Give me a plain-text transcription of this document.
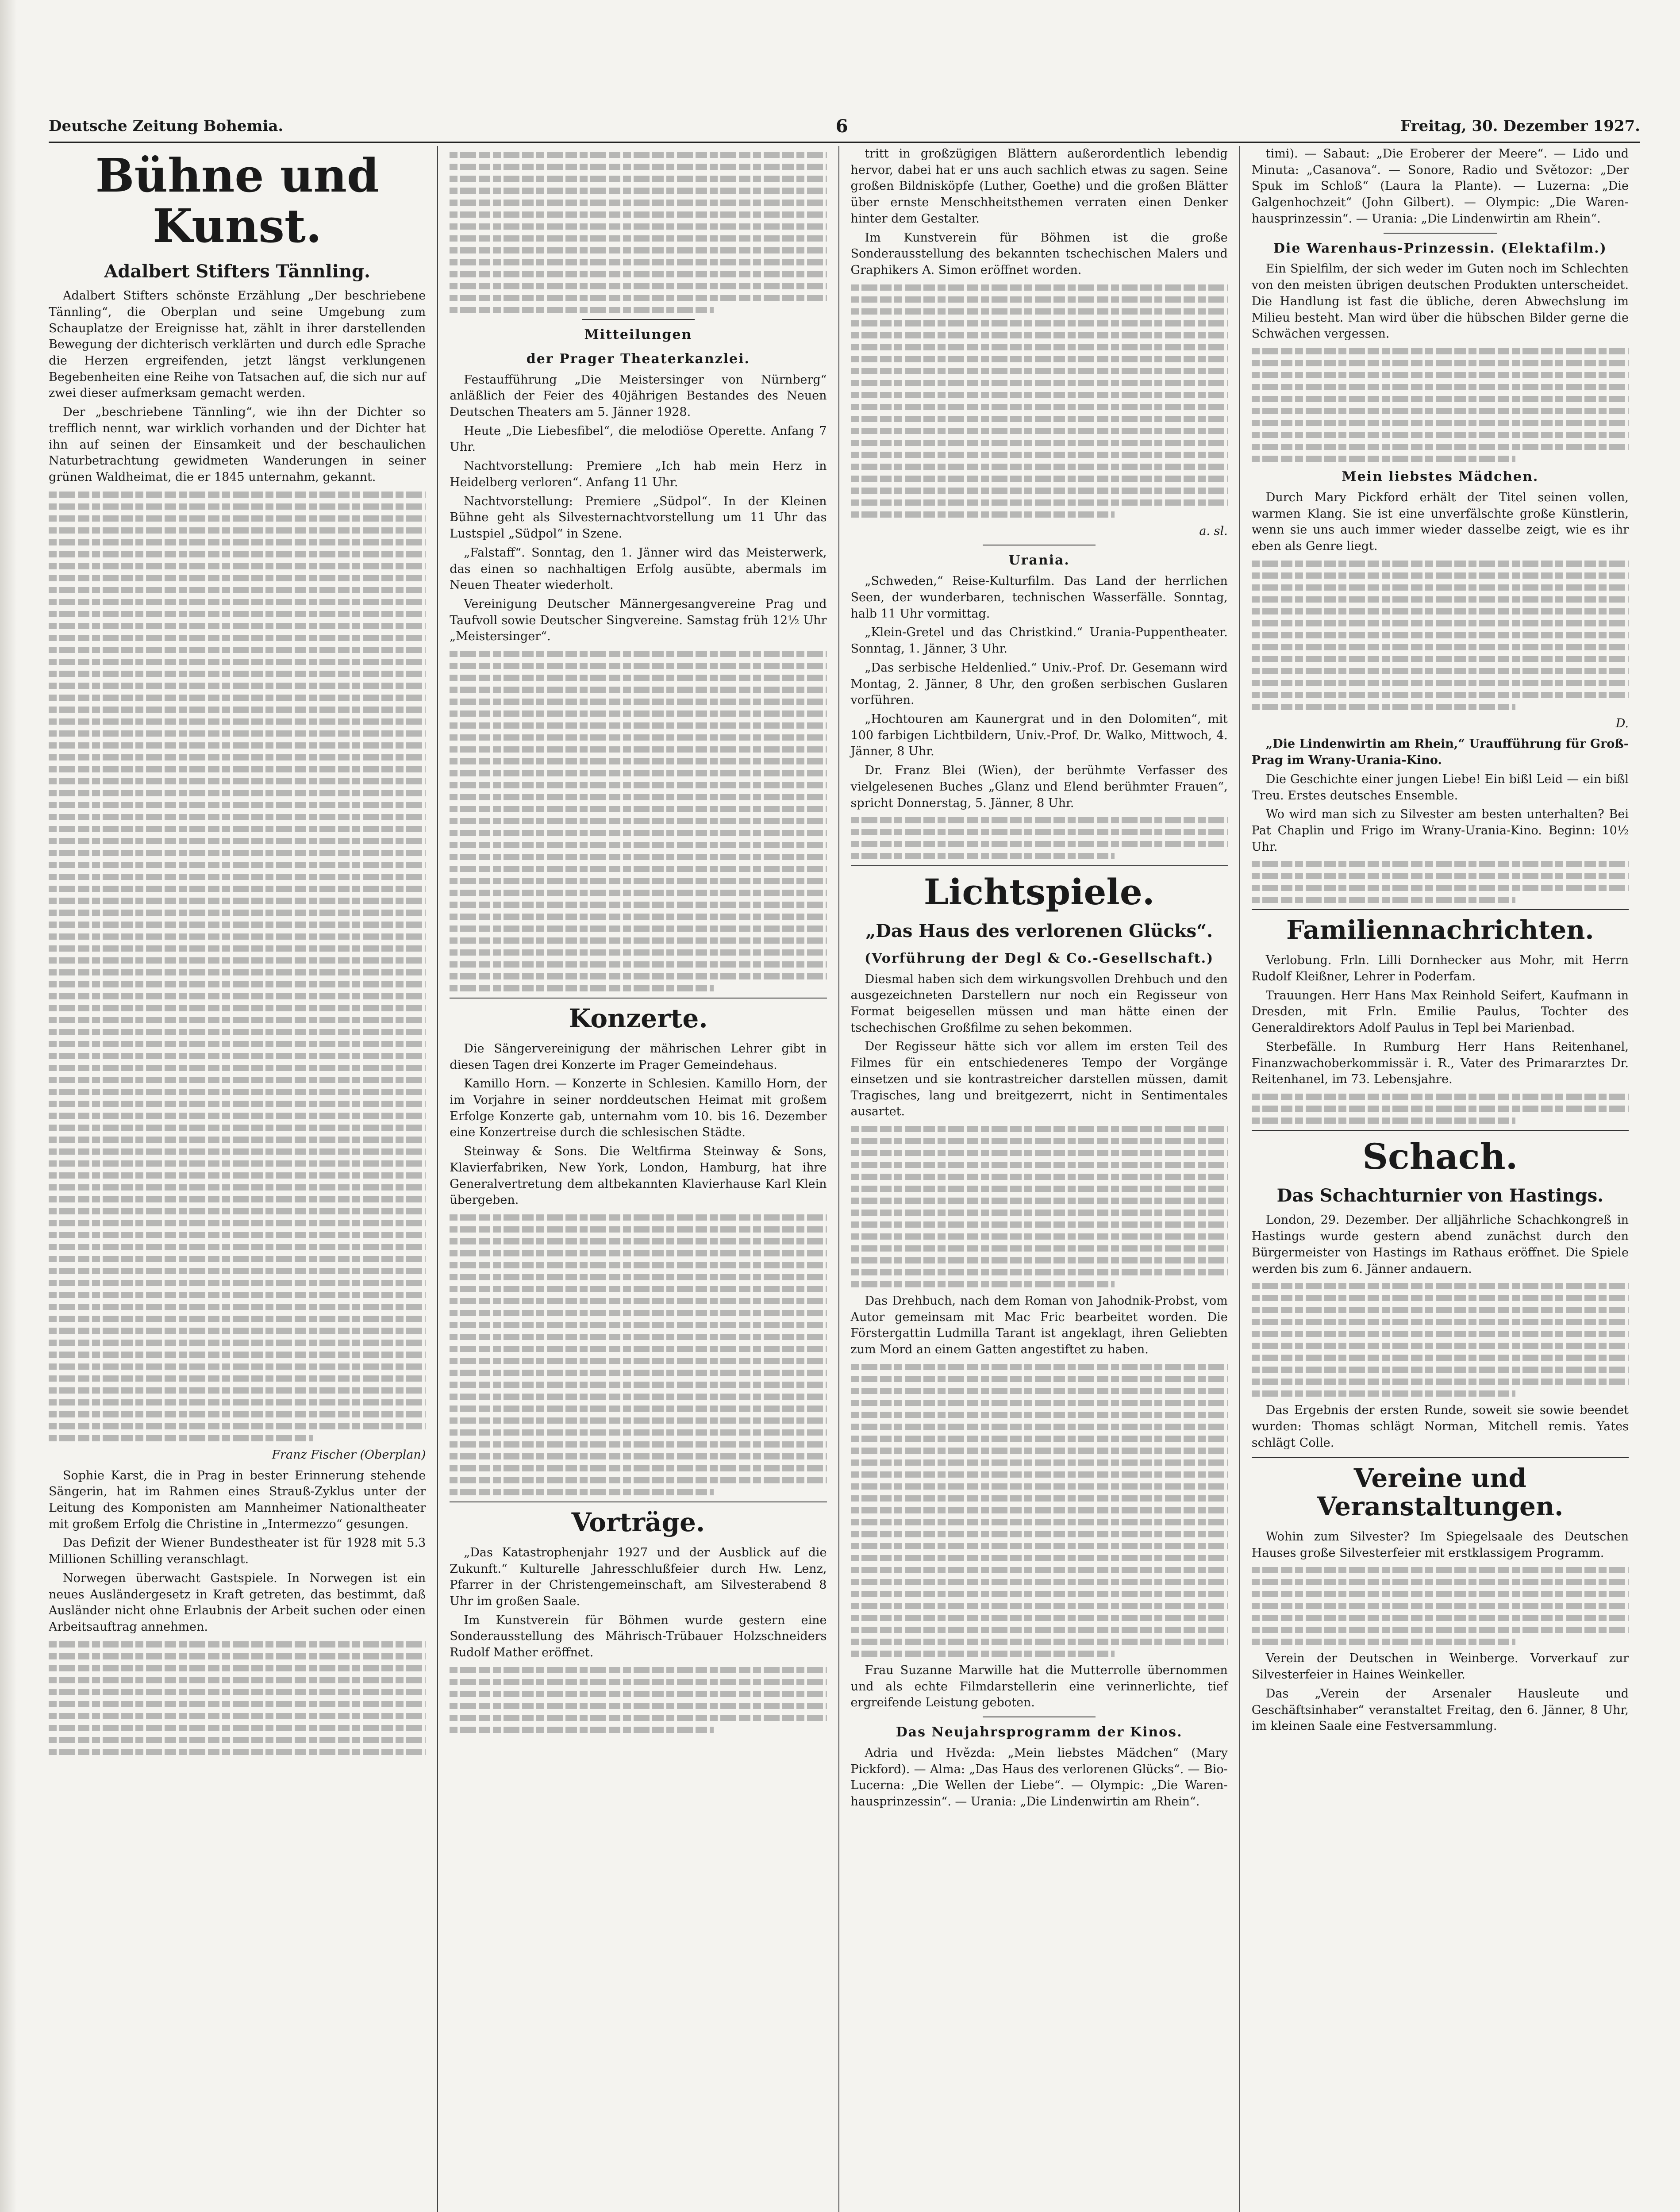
Deutsche Zeitung Bohemia.	6	Freitag, 30. Dezember 1927.
Bühne und Kunst.
Adalbert Stifters Tännling.

Adalbert Stifters schönste Erzählung „Der beschriebene Tännling“, die Oberplan und seine Umgebung zum Schauplatze der Ereignisse hat, zählt in ihrer darstellenden Bewegung der dichterisch verklärten und durch edle Sprache die Herzen ergreifenden, jetzt längst verklungenen Begebenheiten eine Reihe von Tatsachen auf, die sich nur auf zwei dieser aufmerksam gemacht werden.

Der „beschriebene Tännling“, wie ihn der Dichter so trefflich nennt, war wirklich vorhanden und der Dichter hat ihn auf seinen der Einsamkeit und der beschaulichen Naturbetrachtung gewidmeten Wanderungen in seiner grünen Waldheimat, die er 1845 unternahm, gekannt.

Franz Fischer (Oberplan)

Sophie Karst, die in Prag in bester Erinnerung stehende Sängerin, hat im Rahmen eines Strauß-Zyklus unter der Leitung des Komponisten am Mannheimer Nationaltheater mit großem Erfolg die Christine in „Intermezzo“ gesungen.

Das Defizit der Wiener Bundestheater ist für 1928 mit 5.3 Millionen Schilling veranschlagt.

Norwegen überwacht Gastspiele. In Norwegen ist ein neues Ausländergesetz in Kraft getreten, das bestimmt, daß Ausländer nicht ohne Erlaubnis der Arbeit suchen oder einen Arbeitsauftrag annehmen.

Mitteilungen
der Prager Theaterkanzlei.

Festaufführung „Die Meistersinger von Nürnberg“ anläßlich der Feier des 40jährigen Bestandes des Neuen Deutschen Theaters am 5. Jänner 1928.

Heute „Die Liebesfibel“, die melodiöse Operette. Anfang 7 Uhr.

Nachtvorstellung: Premiere „Ich hab mein Herz in Heidelberg verloren“. Anfang 11 Uhr.

Nachtvorstellung: Premiere „Südpol“. In der Kleinen Bühne geht als Silvesternachtvorstellung um 11 Uhr das Lustspiel „Südpol“ in Szene.

„Falstaff“. Sonntag, den 1. Jänner wird das Meisterwerk, das einen so nachhaltigen Erfolg ausübte, abermals im Neuen Theater wiederholt.

Vereinigung Deutscher Männergesangvereine Prag und Taufvoll sowie Deutscher Singvereine. Samstag früh 12½ Uhr „Meistersinger“.

Konzerte.

Die Sängervereinigung der mährischen Lehrer gibt in diesen Tagen drei Konzerte im Prager Gemeindehaus.

Kamillo Horn. — Konzerte in Schlesien. Kamillo Horn, der im Vorjahre in seiner norddeutschen Heimat mit großem Erfolge Konzerte gab, unternahm vom 10. bis 16. Dezember eine Konzertreise durch die schlesischen Städte.

Steinway & Sons. Die Weltfirma Steinway & Sons, Klavierfabriken, New York, London, Hamburg, hat ihre Generalvertretung dem altbekannten Klavierhause Karl Klein übergeben.

Vorträge.

„Das Katastrophenjahr 1927 und der Ausblick auf die Zukunft.“ Kulturelle Jahresschlußfeier durch Hw. Lenz, Pfarrer in der Christengemeinschaft, am Silvesterabend 8 Uhr im großen Saale.

Im Kunstverein für Böhmen wurde gestern eine Sonderausstellung des Mährisch-Trübauer Holzschneiders Rudolf Mather eröffnet.

tritt in großzügigen Blättern außerordentlich lebendig hervor, dabei hat er uns auch sachlich etwas zu sagen. Seine großen Bildnisköpfe (Luther, Goethe) und die großen Blätter über ernste Menschheitsthemen verraten einen Denker hinter dem Gestalter.

Im Kunstverein für Böhmen ist die große Sonderausstellung des bekannten tschechischen Malers und Graphikers A. Simon eröffnet worden.

a. sl.
Urania.

„Schweden,“ Reise-Kulturfilm. Das Land der herrlichen Seen, der wunderbaren, technischen Wasserfälle. Sonntag, halb 11 Uhr vormittag.

„Klein-Gretel und das Christkind.“ Urania-Puppentheater. Sonntag, 1. Jänner, 3 Uhr.

„Das serbische Heldenlied.“ Univ.-Prof. Dr. Gesemann wird Montag, 2. Jänner, 8 Uhr, den großen serbischen Guslaren vorführen.

„Hochtouren am Kaunergrat und in den Dolomiten“, mit 100 farbigen Lichtbildern, Univ.-Prof. Dr. Walko, Mittwoch, 4. Jänner, 8 Uhr.

Dr. Franz Blei (Wien), der berühmte Verfasser des vielgelesenen Buches „Glanz und Elend berühmter Frauen“, spricht Donnerstag, 5. Jänner, 8 Uhr.

Lichtspiele.
„Das Haus des verlorenen Glücks“.
(Vorführung der Degl & Co.-Gesellschaft.)

Diesmal haben sich dem wirkungsvollen Drehbuch und den ausgezeichneten Darstellern nur noch ein Regisseur von Format beigesellen müssen und man hätte einen der tschechischen Großfilme zu sehen bekommen.

Der Regisseur hätte sich vor allem im ersten Teil des Filmes für ein entschiedeneres Tempo der Vorgänge einsetzen und sie kontrastreicher darstellen müssen, damit Tragisches, lang und breitgezerrt, nicht in Sentimentales ausartet.

Das Drehbuch, nach dem Roman von Jahodnik-Probst, vom Autor gemeinsam mit Mac Fric bearbeitet worden. Die Förstergattin Ludmilla Tarant ist angeklagt, ihren Geliebten zum Mord an einem Gatten angestiftet zu haben.

Frau Suzanne Marwille hat die Mutterrolle übernommen und als echte Filmdarstellerin eine verinnerlichte, tief ergreifende Leistung geboten.

Das Neujahrsprogramm der Kinos.

Adria und Hvězda: „Mein liebstes Mädchen“ (Mary Pickford). — Alma: „Das Haus des verlorenen Glücks“. — Bio-Lucerna: „Die Wellen der Liebe“. — Olympic: „Die Waren-hausprinzessin“. — Urania: „Die Lindenwirtin am Rhein“.

timi). — Sabaut: „Die Eroberer der Meere“. — Lido und Minuta: „Casanova“. — Sonore, Radio und Světozor: „Der Spuk im Schloß“ (Laura la Plante). — Luzerna: „Die Galgenhochzeit“ (John Gilbert). — Olympic: „Die Waren-hausprinzessin“. — Urania: „Die Lindenwirtin am Rhein“.

Die Warenhaus-Prinzessin. (Elektafilm.)

Ein Spielfilm, der sich weder im Guten noch im Schlechten von den meisten übrigen deutschen Produkten unterscheidet. Die Handlung ist fast die übliche, deren Abwechslung im Milieu besteht. Man wird über die hübschen Bilder gerne die Schwächen vergessen.

Mein liebstes Mädchen.

Durch Mary Pickford erhält der Titel seinen vollen, warmen Klang. Sie ist eine unverfälschte große Künstlerin, wenn sie uns auch immer wieder dasselbe zeigt, wie es ihr eben als Genre liegt.

D.

„Die Lindenwirtin am Rhein,“ Uraufführung für Groß-Prag im Wrany-Urania-Kino.

Die Geschichte einer jungen Liebe! Ein bißl Leid — ein bißl Treu. Erstes deutsches Ensemble.

Wo wird man sich zu Silvester am besten unterhalten? Bei Pat Chaplin und Frigo im Wrany-Urania-Kino. Beginn: 10½ Uhr.

Familiennachrichten.

Verlobung. Frln. Lilli Dornhecker aus Mohr, mit Herrn Rudolf Kleißner, Lehrer in Poderfam.

Trauungen. Herr Hans Max Reinhold Seifert, Kaufmann in Dresden, mit Frln. Emilie Paulus, Tochter des Generaldirektors Adolf Paulus in Tepl bei Marienbad.

Sterbefälle. In Rumburg Herr Hans Reitenhanel, Finanzwachoberkommissär i. R., Vater des Primararztes Dr. Reitenhanel, im 73. Lebensjahre.

Schach.
Das Schachturnier von Hastings.

London, 29. Dezember. Der alljährliche Schachkongreß in Hastings wurde gestern abend zunächst durch den Bürgermeister von Hastings im Rathaus eröffnet. Die Spiele werden bis zum 6. Jänner andauern.

Das Ergebnis der ersten Runde, soweit sie sowie beendet wurden: Thomas schlägt Norman, Mitchell remis. Yates schlägt Colle.

Vereine und Veranstaltungen.

Wohin zum Silvester? Im Spiegelsaale des Deutschen Hauses große Silvesterfeier mit erstklassigem Programm.

Verein der Deutschen in Weinberge. Vorverkauf zur Silvesterfeier in Haines Weinkeller.

Das „Verein der Arsenaler Hausleute und Geschäftsinhaber“ veranstaltet Freitag, den 6. Jänner, 8 Uhr, im kleinen Saale eine Festversammlung.
